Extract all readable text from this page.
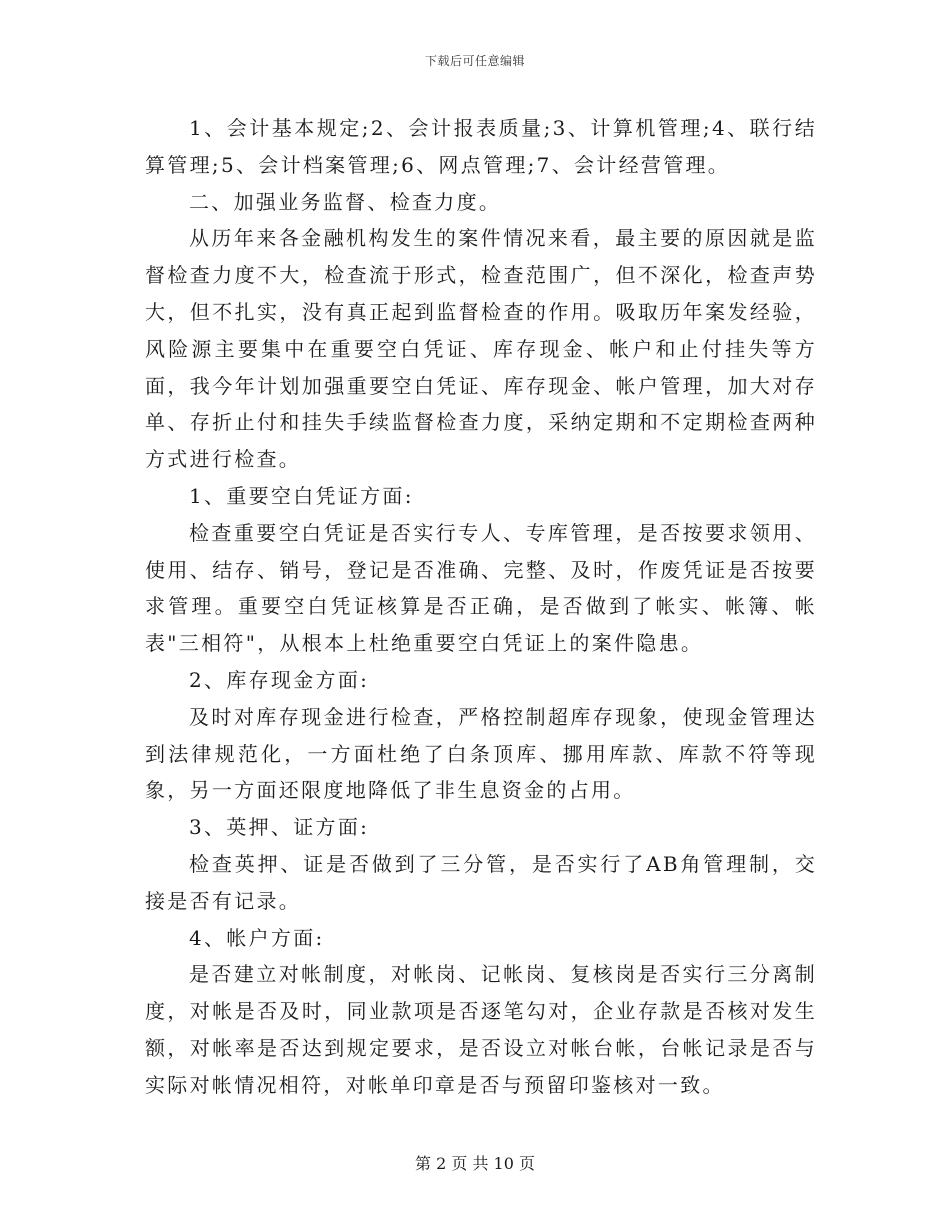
下载后可任意编辑

1、会计基本规定;2、会计报表质量;3、计算机管理;4、联行结算管理;5、会计档案管理;6、网点管理;7、会计经营管理。

二、加强业务监督、检查力度。

从历年来各金融机构发生的案件情况来看，最主要的原因就是监督检查力度不大，检查流于形式，检查范围广，但不深化，检查声势大，但不扎实，没有真正起到监督检查的作用。吸取历年案发经验，风险源主要集中在重要空白凭证、库存现金、帐户和止付挂失等方面，我今年计划加强重要空白凭证、库存现金、帐户管理，加大对存单、存折止付和挂失手续监督检查力度，采纳定期和不定期检查两种方式进行检查。

1、重要空白凭证方面:

检查重要空白凭证是否实行专人、专库管理，是否按要求领用、使用、结存、销号，登记是否准确、完整、及时，作废凭证是否按要求管理。重要空白凭证核算是否正确，是否做到了帐实、帐簿、帐表"三相符"，从根本上杜绝重要空白凭证上的案件隐患。

2、库存现金方面:

及时对库存现金进行检查，严格控制超库存现象，使现金管理达到法律规范化，一方面杜绝了白条顶库、挪用库款、库款不符等现象，另一方面还限度地降低了非生息资金的占用。

3、英押、证方面:

检查英押、证是否做到了三分管，是否实行了AB角管理制，交接是否有记录。

4、帐户方面:

是否建立对帐制度，对帐岗、记帐岗、复核岗是否实行三分离制度，对帐是否及时，同业款项是否逐笔勾对，企业存款是否核对发生额，对帐率是否达到规定要求，是否设立对帐台帐，台帐记录是否与实际对帐情况相符，对帐单印章是否与预留印鉴核对一致。

第 2 页 共 10 页
